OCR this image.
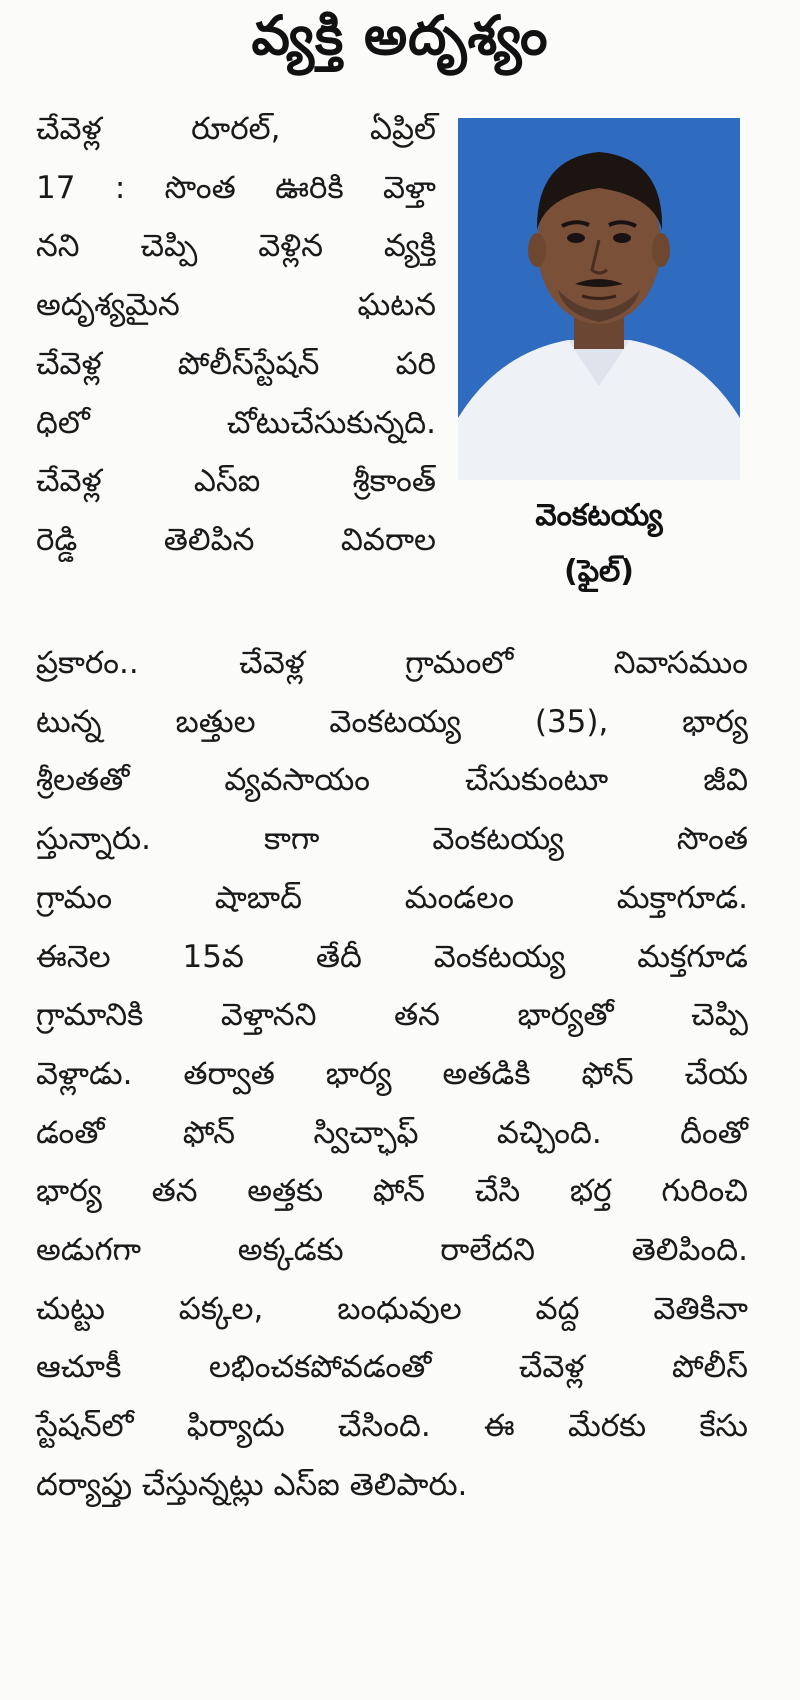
వ్యక్తి అదృశ్యం
చేవెళ్ల రూరల్‌, ఏప్రిల్‌
17 : సొంత ఊరికి వెళ్తా
నని చెప్పి వెళ్లిన వ్యక్తి
అదృశ్యమైన ఘటన
చేవెళ్ల పోలీస్‌స్టేషన్‌ పరి
ధిలో చోటుచేసుకున్నది.
చేవెళ్ల ఎస్‌ఐ శ్రీకాంత్‌
రెడ్డి తెలిపిన వివరాల
వెంకటయ్య
(ఫైల్‌)
ప్రకారం.. చేవెళ్ల గ్రామంలో నివాసముం
టున్న బత్తుల వెంకటయ్య (35), భార్య
శ్రీలతతో వ్యవసాయం చేసుకుంటూ జీవి
స్తున్నారు. కాగా వెంకటయ్య సొంత
గ్రామం షాబాద్‌ మండలం మక్తాగూడ.
ఈనెల 15వ తేదీ వెంకటయ్య మక్తగూడ
గ్రామానికి వెళ్తానని తన భార్యతో చెప్పి
వెళ్లాడు. తర్వాత భార్య అతడికి ఫోన్‌ చేయ
డంతో ఫోన్‌ స్విచ్ఛాఫ్‌ వచ్చింది. దీంతో
భార్య తన అత్తకు ఫోన్‌ చేసి భర్త గురించి
అడుగగా అక్కడకు రాలేదని తెలిపింది.
చుట్టు పక్కల, బంధువుల వద్ద వెతికినా
ఆచూకీ లభించకపోవడంతో చేవెళ్ల పోలీస్‌
స్టేషన్‌లో ఫిర్యాదు చేసింది. ఈ మేరకు కేసు
దర్యాప్తు చేస్తున్నట్లు ఎస్‌ఐ తెలిపారు.
